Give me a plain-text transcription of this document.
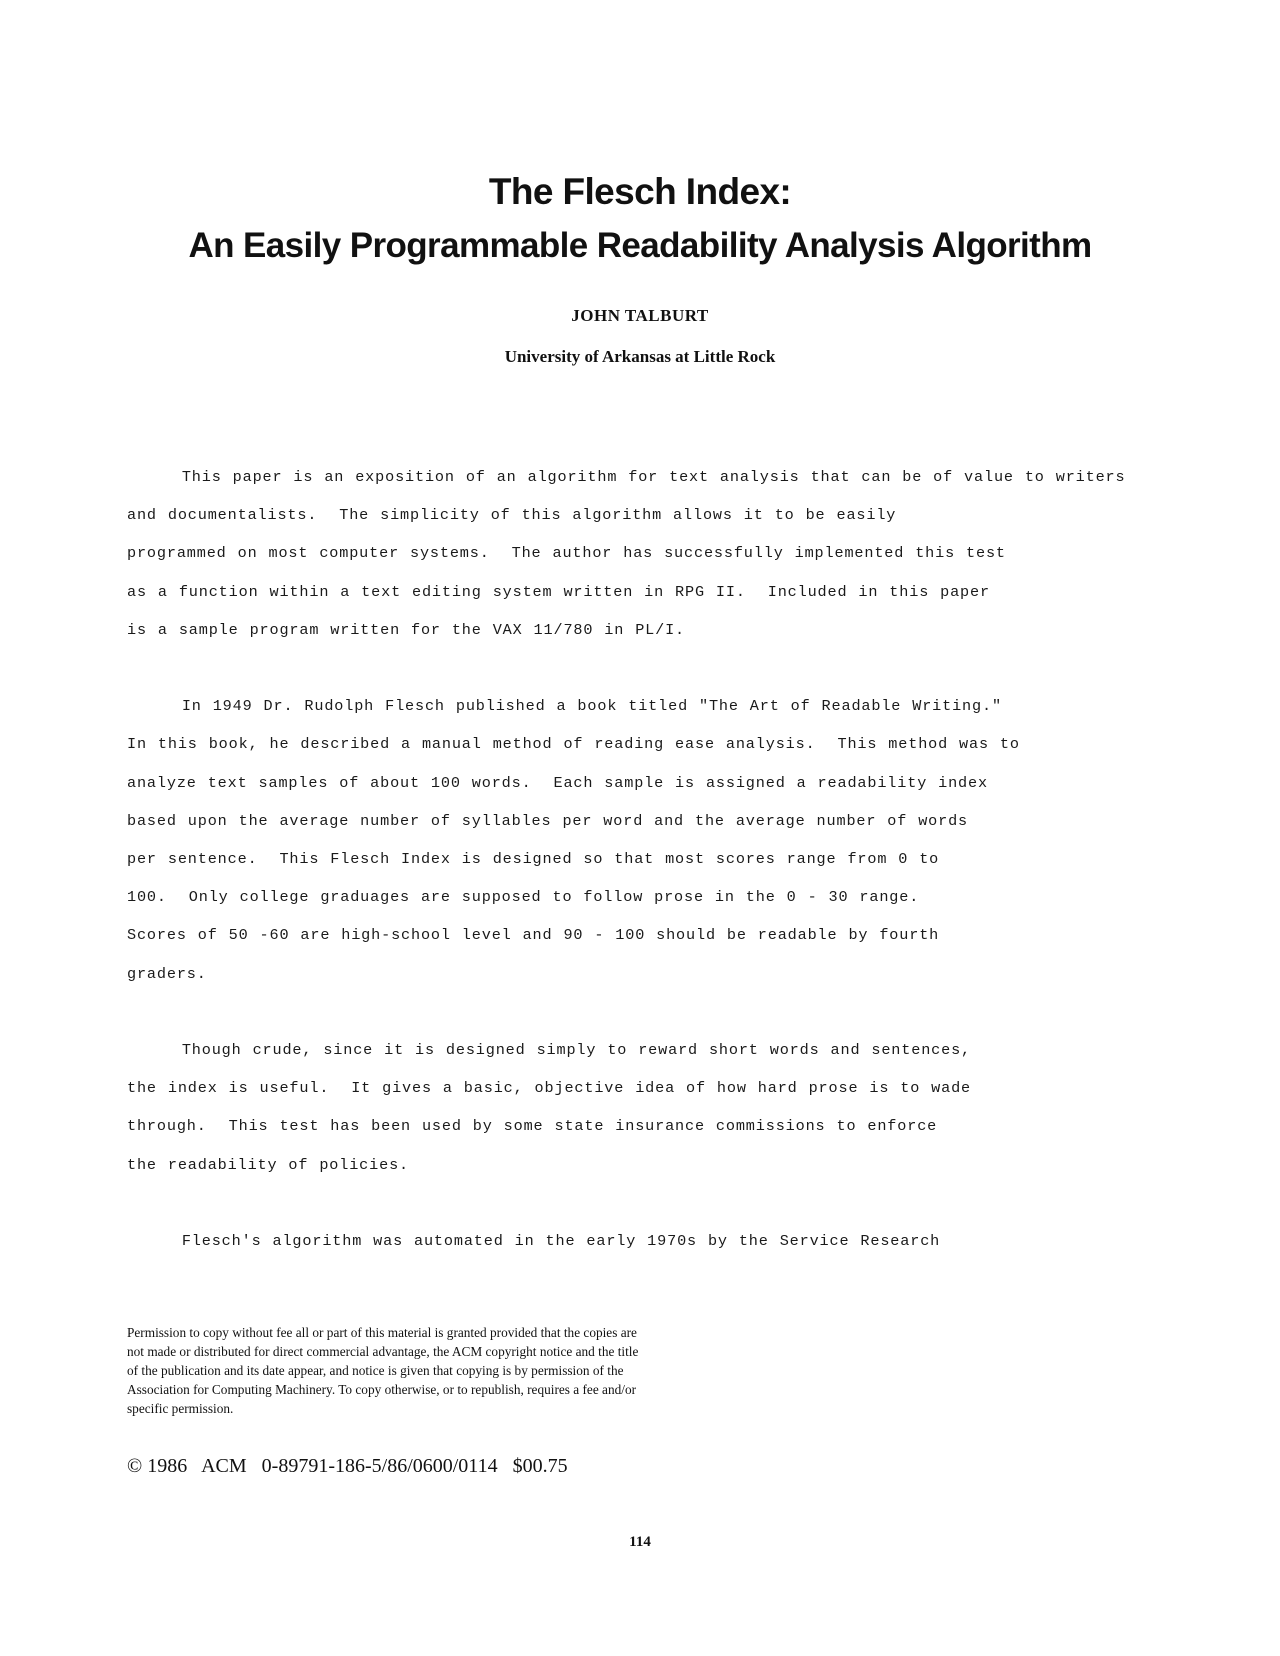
The Flesch Index:

An Easily Programmable Readability Analysis Algorithm

JOHN TALBURT

University of Arkansas at Little Rock

This paper is an exposition of an algorithm for text analysis that can be of value to writers
and documentalists.  The simplicity of this algorithm allows it to be easily
programmed on most computer systems.  The author has successfully implemented this test
as a function within a text editing system written in RPG II.  Included in this paper
is a sample program written for the VAX 11/780 in PL/I.

In 1949 Dr. Rudolph Flesch published a book titled "The Art of Readable Writing."
In this book, he described a manual method of reading ease analysis.  This method was to
analyze text samples of about 100 words.  Each sample is assigned a readability index
based upon the average number of syllables per word and the average number of words
per sentence.  This Flesch Index is designed so that most scores range from 0 to
100.  Only college graduages are supposed to follow prose in the 0 - 30 range.
Scores of 50 -60 are high-school level and 90 - 100 should be readable by fourth
graders.

Though crude, since it is designed simply to reward short words and sentences,
the index is useful.  It gives a basic, objective idea of how hard prose is to wade
through.  This test has been used by some state insurance commissions to enforce
the readability of policies.

Flesch's algorithm was automated in the early 1970s by the Service Research

Permission to copy without fee all or part of this material is granted provided that the copies are not made or distributed for direct commercial advantage, the ACM copyright notice and the title of the publication and its date appear, and notice is given that copying is by permission of the Association for Computing Machinery. To copy otherwise, or to republish, requires a fee and/or specific permission.

© 1986   ACM   0-89791-186-5/86/0600/0114   $00.75

114
